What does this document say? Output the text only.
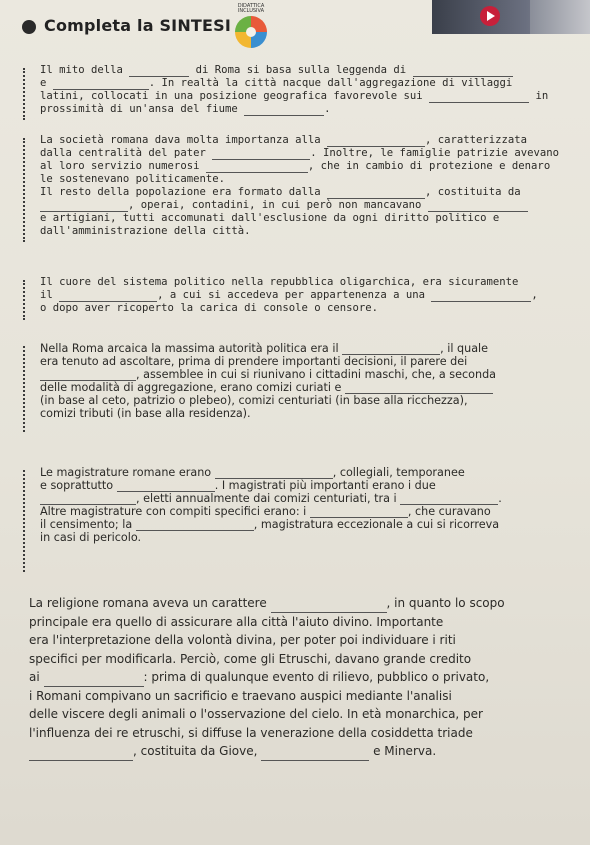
Completa la SINTESI
DIDATTICA INCLUSIVA
Il mito della	di Roma si basa sulla leggenda di
e	. In realtà la città nacque dall'aggregazione di villaggi
latini, collocati in una posizione geografica favorevole sui	in
prossimità di un'ansa del fiume	.
La società romana dava molta importanza alla	, caratterizzata
dalla centralità del pater	. Inoltre, le famiglie patrizie avevano
al loro servizio numerosi	, che in cambio di protezione e denaro
le sostenevano politicamente.
Il resto della popolazione era formato dalla	, costituita da
, operai, contadini, in cui però non mancavano
e artigiani, tutti accomunati dall'esclusione da ogni diritto politico e
dall'amministrazione della città.
Il cuore del sistema politico nella repubblica oligarchica, era sicuramente
il	, a cui si accedeva per appartenenza a una	,
o dopo aver ricoperto la carica di console o censore.
Nella Roma arcaica la massima autorità politica era il	, il quale
era tenuto ad ascoltare, prima di prendere importanti decisioni, il parere dei
, assemblee in cui si riunivano i cittadini maschi, che, a seconda
delle modalità di aggregazione, erano comizi curiati e
(in base al ceto, patrizio o plebeo), comizi centuriati (in base alla ricchezza),
comizi tributi (in base alla residenza).
Le magistrature romane erano	, collegiali, temporanee
e soprattutto	. I magistrati più importanti erano i due
, eletti annualmente dai comizi centuriati, tra i	.
Altre magistrature con compiti specifici erano: i	, che curavano
il censimento; la	, magistratura eccezionale a cui si ricorreva
in casi di pericolo.
La religione romana aveva un carattere	, in quanto lo scopo
principale era quello di assicurare alla città l'aiuto divino. Importante
era l'interpretazione della volontà divina, per poter poi individuare i riti
specifici per modificarla. Perciò, come gli Etruschi, davano grande credito
ai	: prima di qualunque evento di rilievo, pubblico o privato,
i Romani compivano un sacrificio e traevano auspici mediante l'analisi
delle viscere degli animali o l'osservazione del cielo. In età monarchica, per
l'influenza dei re etruschi, si diffuse la venerazione della cosiddetta triade
, costituita da Giove,	e Minerva.
